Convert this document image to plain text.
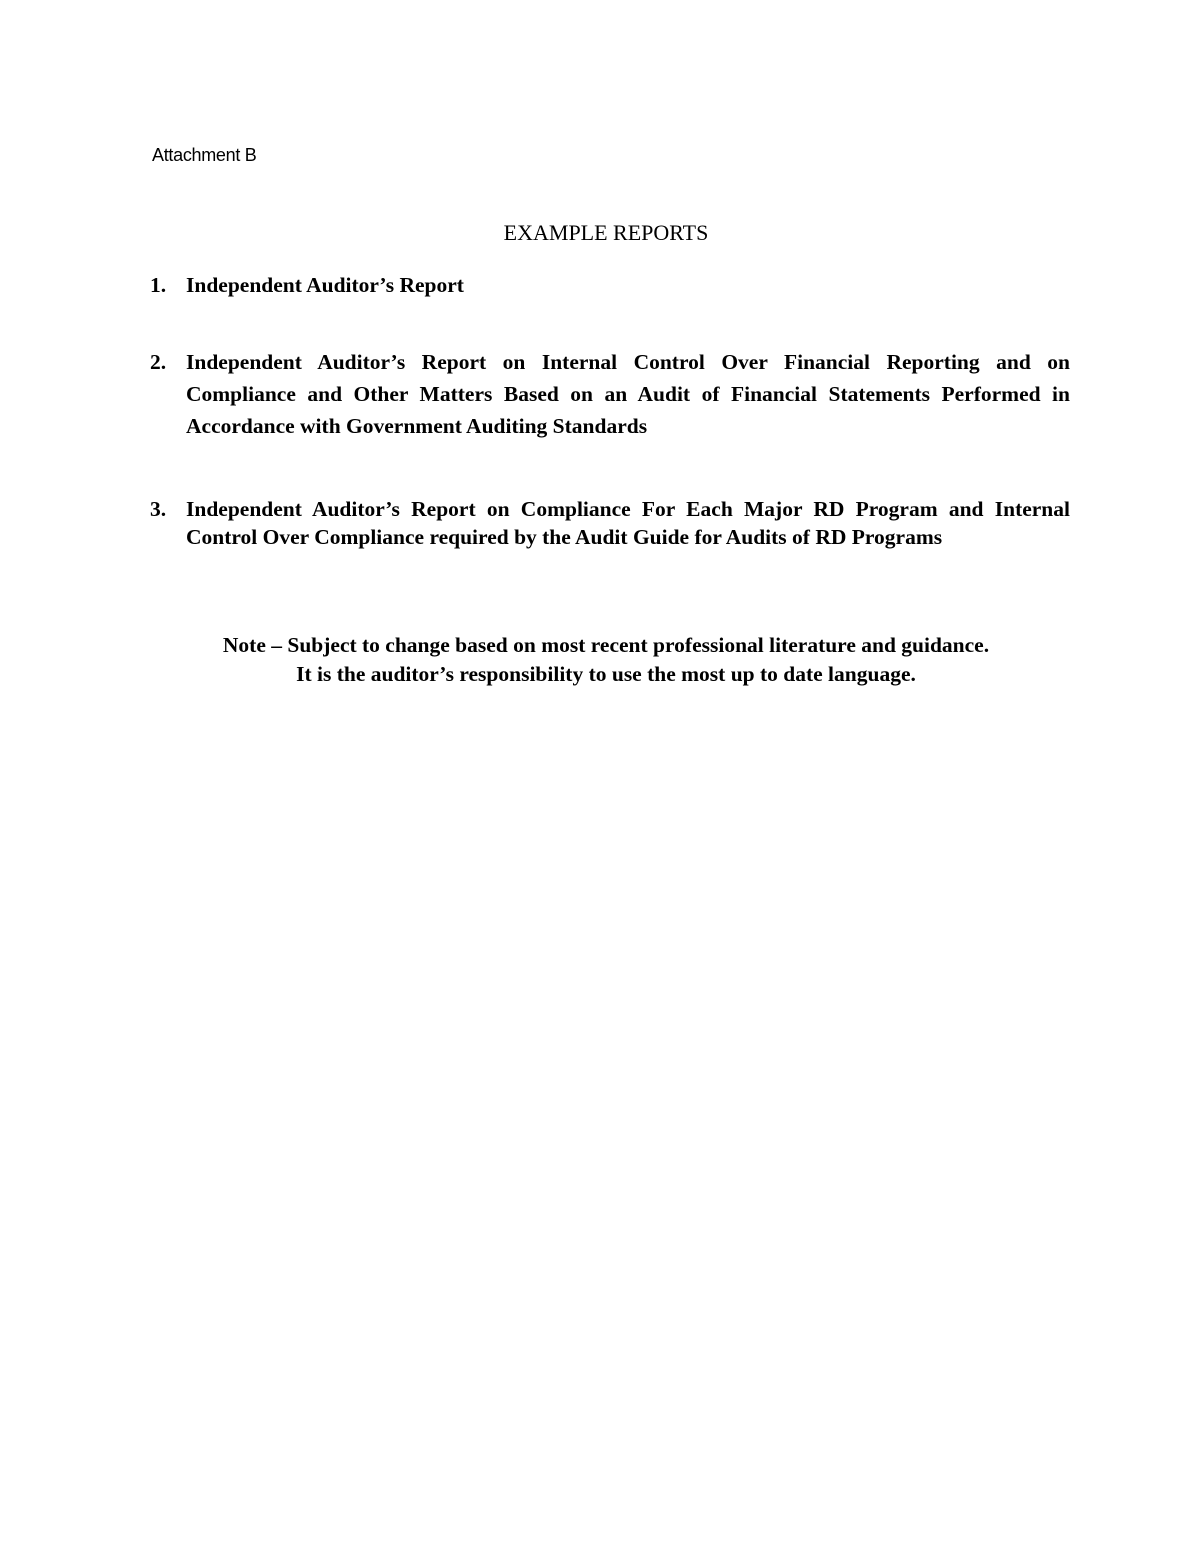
Attachment B
EXAMPLE REPORTS
1. Independent Auditor’s Report
2. Independent Auditor’s Report on Internal Control Over Financial Reporting and on Compliance and Other Matters Based on an Audit of Financial Statements Performed in Accordance with Government Auditing Standards
3. Independent Auditor’s Report on Compliance For Each Major RD Program and Internal Control Over Compliance required by the Audit Guide for Audits of RD Programs
Note – Subject to change based on most recent professional literature and guidance.
It is the auditor’s responsibility to use the most up to date language.
